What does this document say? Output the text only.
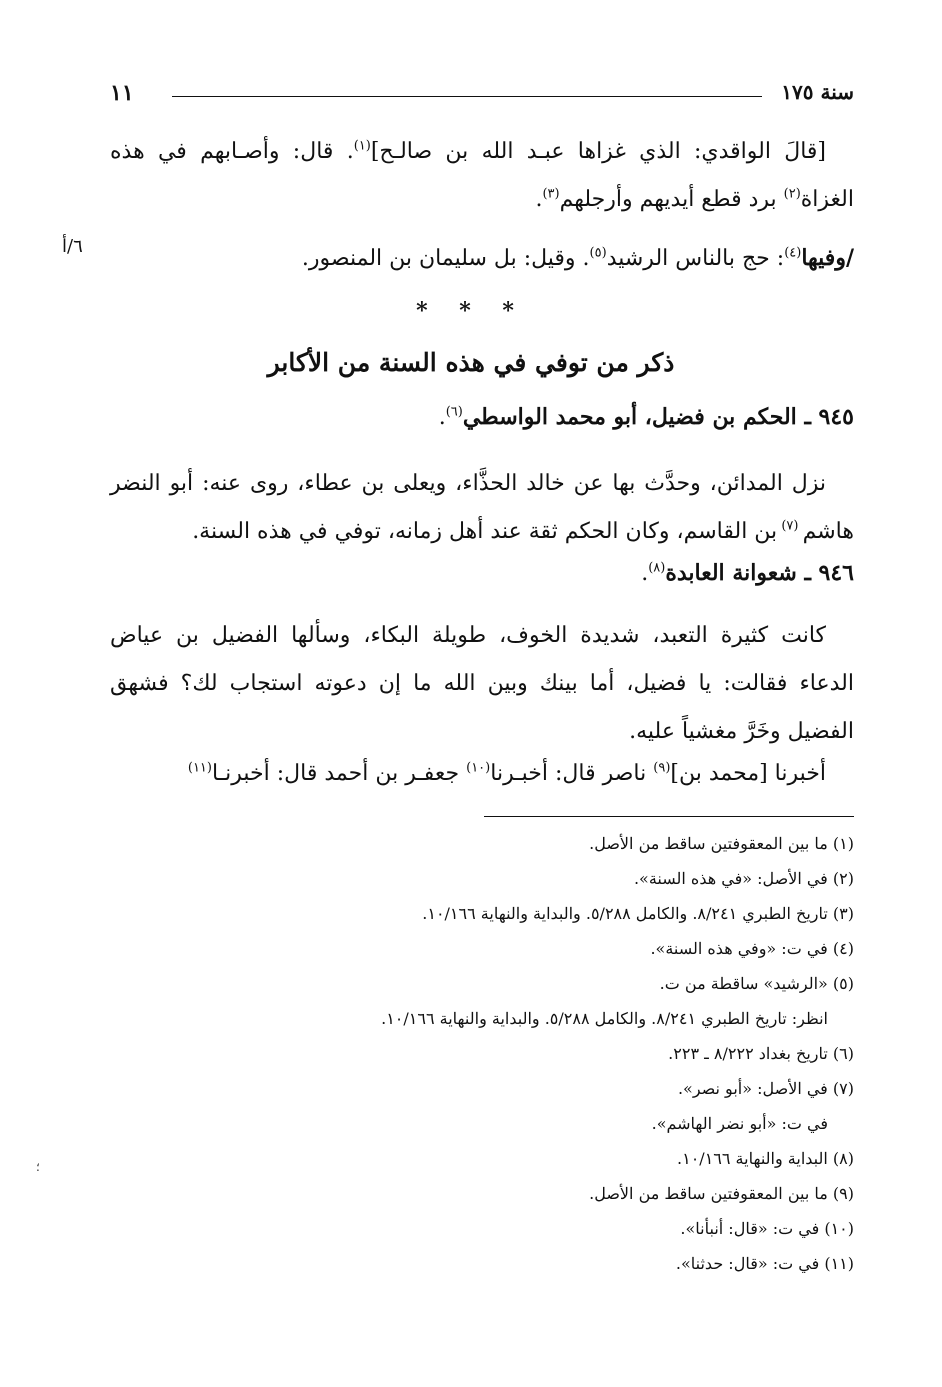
سنة ١٧٥
١١

[قالَ الواقدي: الذي غزاها عبـد الله بن صالـح]$^{(١)}$. قال: وأصـابهم في هذه الغزاة$^{(٢)}$ برد قطع أيديهم وأرجلهم$^{(٣)}$.

/وفيها$^{(٤)}$: حج بالناس الرشيد$^{(٥)}$. وقيل: بل سليمان بن المنصور.

٦/أ
* * *
ذكر من توفي في هذه السنة من الأكابر
٩٤٥ ـ الحكم بن فضيل، أبو محمد الواسطي$^{(٦)}$.

نزل المدائن، وحدَّث بها عن خالد الحذَّاء، ويعلى بن عطاء، روى عنه: أبو النضر هاشم $^{(٧)}$ بن القاسم، وكان الحكم ثقة عند أهل زمانه، توفي في هذه السنة.

٩٤٦ ـ شعوانة العابدة$^{(٨)}$.

كانت كثيرة التعبد، شديدة الخوف، طويلة البكاء، وسألها الفضيل بن عياض الدعاء فقالت: يا فضيل، أما بينك وبين الله ما إن دعوته استجاب لك؟ فشهق الفضيل وخَرَّ مغشياً عليه.

أخبرنا [محمد بن]$^{(٩)}$ ناصر قال: أخبـرنا$^{(١٠)}$ جعفـر بن أحمد قال: أخبرنـا$^{(١١)}$

(١) ما بين المعقوفتين ساقط من الأصل.
(٢) في الأصل: «في هذه السنة».
(٣) تاريخ الطبري ٨/٢٤١. والكامل ٥/٢٨٨. والبداية والنهاية ١٠/١٦٦.
(٤) في ت: «وفي هذه السنة».
(٥) «الرشيد» ساقطة من ت.
انظر: تاريخ الطبري ٨/٢٤١. والكامل ٥/٢٨٨. والبداية والنهاية ١٠/١٦٦.
(٦) تاريخ بغداد ٨/٢٢٢ ـ ٢٢٣.
(٧) في الأصل: «أبو نصر».
في ت: «أبو نضر الهاشم».
(٨) البداية والنهاية ١٠/١٦٦.
(٩) ما بين المعقوفتين ساقط من الأصل.
(١٠) في ت: «قال: أنبأنا».
(١١) في ت: «قال: حدثنا».
؛
